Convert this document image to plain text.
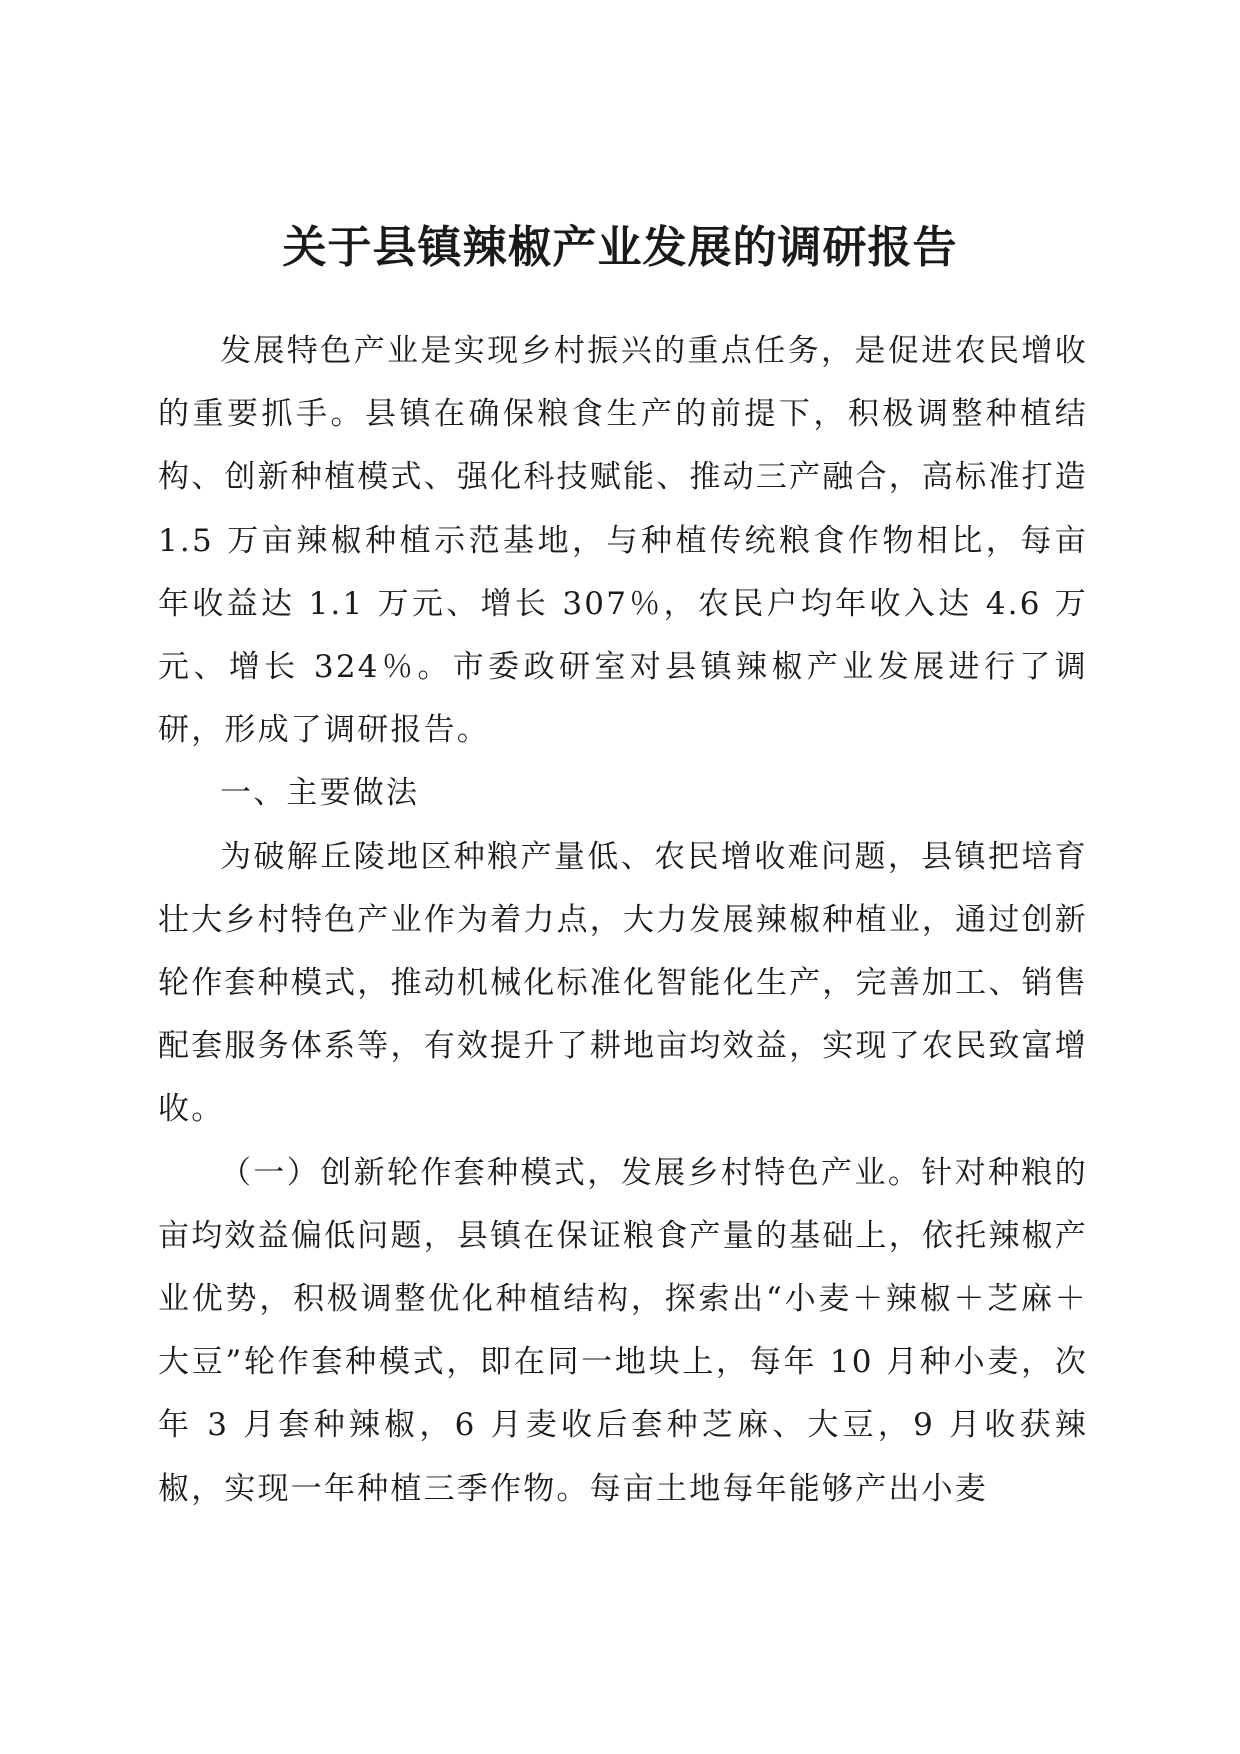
关于县镇辣椒产业发展的调研报告

发展特色产业是实现乡村振兴的重点任务，是促进农民增收的重要抓手。县镇在确保粮食生产的前提下，积极调整种植结构、创新种植模式、强化科技赋能、推动三产融合，高标准打造 1.5 万亩辣椒种植示范基地，与种植传统粮食作物相比，每亩年收益达 1.1 万元、增长 307％，农民户均年收入达 4.6 万元、增长 324％。市委政研室对县镇辣椒产业发展进行了调研，形成了调研报告。

一、主要做法

为破解丘陵地区种粮产量低、农民增收难问题，县镇把培育壮大乡村特色产业作为着力点，大力发展辣椒种植业，通过创新轮作套种模式，推动机械化标准化智能化生产，完善加工、销售配套服务体系等，有效提升了耕地亩均效益，实现了农民致富增收。

（一）创新轮作套种模式，发展乡村特色产业。针对种粮的亩均效益偏低问题，县镇在保证粮食产量的基础上，依托辣椒产业优势，积极调整优化种植结构，探索出“小麦＋辣椒＋芝麻＋大豆”轮作套种模式，即在同一地块上，每年 10 月种小麦，次年 3 月套种辣椒，6 月麦收后套种芝麻、大豆，9 月收获辣椒，实现一年种植三季作物。每亩土地每年能够产出小麦
